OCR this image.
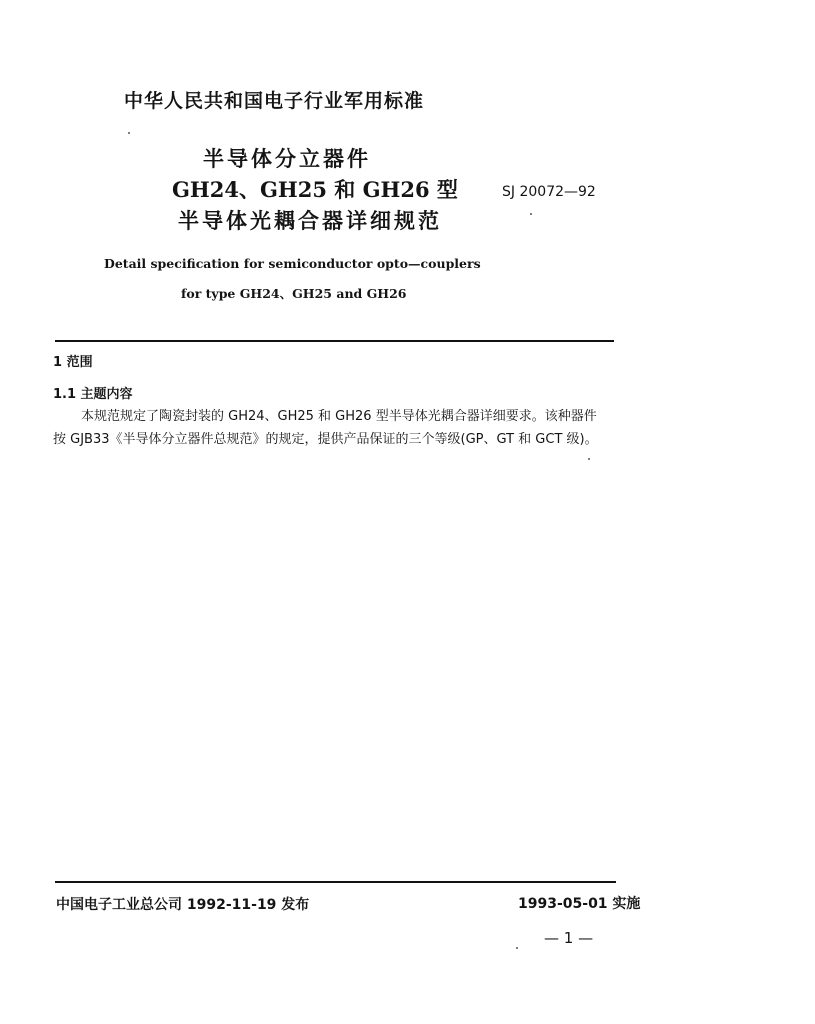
中华人民共和国电子行业军用标准
半导体分立器件
GH24、GH25 和 GH26 型
半导体光耦合器详细规范
SJ 20072—92
Detail specification for semiconductor opto—couplers
for type GH24、GH25 and GH26
1 范围
1.1 主题内容
本规范规定了陶瓷封装的 GH24、GH25 和 GH26 型半导体光耦合器详细要求。该种器件
按 GJB33《半导体分立器件总规范》的规定，提供产品保证的三个等级(GP、GT 和 GCT 级)。
中国电子工业总公司 1992-11-19 发布	1993-05-01 实施
— 1 —
